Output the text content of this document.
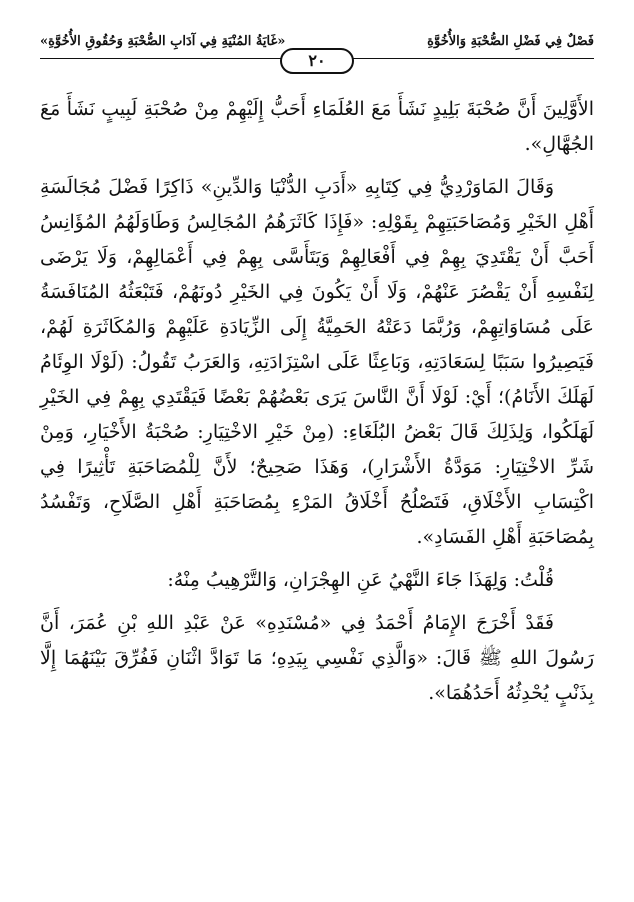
فَصْلٌ فِي فَضْلِ الصُّحْبَةِ وَالأُخُوَّةِ
«غَايَةُ المُنْيَةِ فِي آدَابِ الصُّحْبَةِ وَحُقُوقِ الأُخُوَّةِ»
٢٠

الأَوَّلِينَ أَنَّ صُحْبَةَ بَلِيدٍ نَشَأَ مَعَ العُلَمَاءِ أَحَبُّ إِلَيْهِمْ مِنْ صُحْبَةِ لَبِيبٍ نَشَأَ مَعَ الجُهَّالِ».

وَقَالَ المَاوَرْدِيُّ فِي كِتَابِهِ «أَدَبِ الدُّنْيَا وَالدِّينِ» ذَاكِرًا فَضْلَ مُجَالَسَةِ أَهْلِ الخَيْرِ وَمُصَاحَبَتِهِمْ بِقَوْلِهِ: «فَإِذَا كَاثَرَهُمُ المُجَالِسُ وَطَاوَلَهُمُ المُؤَانِسُ أَحَبَّ أَنْ يَقْتَدِيَ بِهِمْ فِي أَفْعَالِهِمْ وَيَتَأَسَّى بِهِمْ فِي أَعْمَالِهِمْ، وَلَا يَرْضَى لِنَفْسِهِ أَنْ يَقْصُرَ عَنْهُمْ، وَلَا أَنْ يَكُونَ فِي الخَيْرِ دُونَهُمْ، فَتَبْعَثُهُ المُنَافَسَةُ عَلَى مُسَاوَاتِهِمْ، وَرُبَّمَا دَعَتْهُ الحَمِيَّةُ إِلَى الزِّيَادَةِ عَلَيْهِمْ وَالمُكَاثَرَةِ لَهُمْ، فَيَصِيرُوا سَبَبًا لِسَعَادَتِهِ، وَبَاعِثًا عَلَى اسْتِزَادَتِهِ، وَالعَرَبُ تَقُولُ: (لَوْلَا الوِئَامُ لَهَلَكَ الأَنَامُ)؛ أَيْ: لَوْلَا أَنَّ النَّاسَ يَرَى بَعْضُهُمْ بَعْضًا فَيَقْتَدِي بِهِمْ فِي الخَيْرِ لَهَلَكُوا، وَلِذَلِكَ قَالَ بَعْضُ البُلَغَاءِ: (مِنْ خَيْرِ الاخْتِيَارِ: صُحْبَةُ الأَخْيَارِ، وَمِنْ شَرِّ الاخْتِيَارِ: مَوَدَّةُ الأَشْرَارِ)، وَهَذَا صَحِيحٌ؛ لأَنَّ لِلْمُصَاحَبَةِ تَأْثِيرًا فِي اكْتِسَابِ الأَخْلَاقِ، فَتَصْلُحُ أَخْلَاقُ المَرْءِ بِمُصَاحَبَةِ أَهْلِ الصَّلَاحِ، وَتَفْسُدُ بِمُصَاحَبَةِ أَهْلِ الفَسَادِ».

قُلْتُ: وَلِهَذَا جَاءَ النَّهْيُ عَنِ الهِجْرَانِ، وَالتَّرْهِيبُ مِنْهُ:

فَقَدْ أَخْرَجَ الإِمَامُ أَحْمَدُ فِي «مُسْنَدِهِ» عَنْ عَبْدِ اللهِ بْنِ عُمَرَ، أَنَّ رَسُولَ اللهِ ﷺ قَالَ: «وَالَّذِي نَفْسِي بِيَدِهِ؛ مَا تَوَادَّ اثْنَانِ فَفُرِّقَ بَيْنَهُمَا إِلَّا بِذَنْبٍ يُحْدِثُهُ أَحَدُهُمَا».
